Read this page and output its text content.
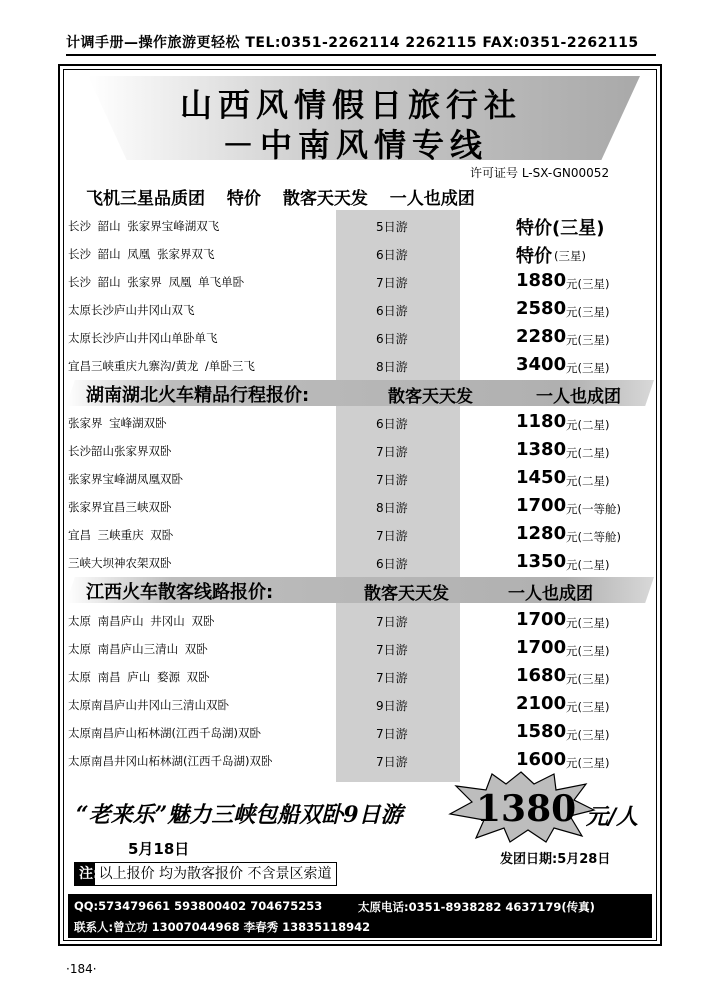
计调手册—操作旅游更轻松 TEL:0351-2262114 2262115 FAX:0351-2262115
山西风情假日旅行社
－中南风情专线
许可证号 L-SX-GN00052
飞机三星品质团 特价 散客天天发 一人也成团
长沙 韶山 张家界宝峰湖双飞	5日游	特价(三星)
长沙 韶山 凤凰 张家界双飞	6日游	特价 (三星)
长沙 韶山 张家界 凤凰 单飞单卧	7日游	1880 元(三星)
太原长沙庐山井冈山双飞	6日游	2580 元(三星)
太原长沙庐山井冈山单卧单飞	6日游	2280 元(三星)
宜昌三峡重庆九寨沟/黄龙 /单卧三飞	8日游	3400 元(三星)
湖南湖北火车精品行程报价:	散客天天发	一人也成团
张家界 宝峰湖双卧	6日游	1180 元(二星)
长沙韶山张家界双卧	7日游	1380 元(二星)
张家界宝峰湖凤凰双卧	7日游	1450 元(二星)
张家界宜昌三峡双卧	8日游	1700 元(一等舱)
宜昌 三峡重庆 双卧	7日游	1280 元(二等舱)
三峡大坝神农架双卧	6日游	1350 元(二星)
江西火车散客线路报价:	散客天天发	一人也成团
太原 南昌庐山 井冈山 双卧	7日游	1700 元(三星)
太原 南昌庐山三清山 双卧	7日游	1700 元(三星)
太原 南昌 庐山 婺源 双卧	7日游	1680 元(三星)
太原南昌庐山井冈山三清山双卧	9日游	2100 元(三星)
太原南昌庐山柘林湖(江西千岛湖)双卧	7日游	1580 元(三星)
太原南昌井冈山柘林湖(江西千岛湖)双卧	7日游	1600 元(三星)
“老来乐”魅力三峡包船双卧9日游 1380 元/人
5月18日
发团日期:5月28日
注:以上报价 均为散客报价 不含景区索道
QQ:573479661 593800402 704675253	太原电话:0351-8938282 4637179(传真)
联系人:曾立功 13007044968 李春秀 13835118942
·184·
